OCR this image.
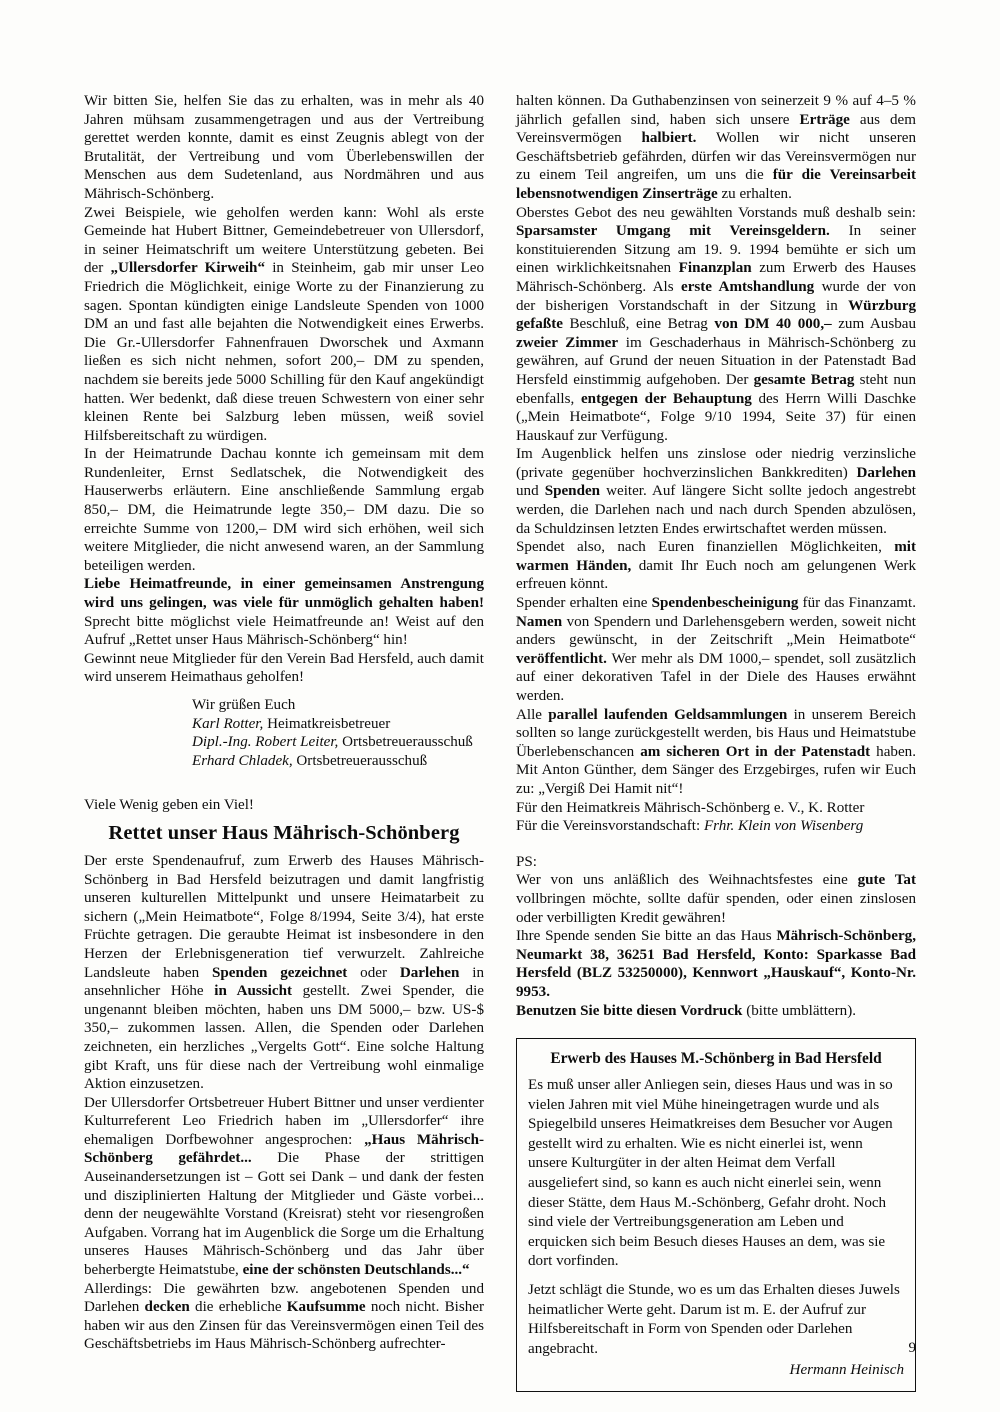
Wir bitten Sie, helfen Sie das zu erhalten, was in mehr als 40 Jahren mühsam zusammengetragen und aus der Vertreibung gerettet werden konnte, damit es einst Zeugnis ablegt von der Brutalität, der Vertreibung und vom Überlebenswillen der Menschen aus dem Sudetenland, aus Nordmähren und aus Mährisch-Schönberg.

Zwei Beispiele, wie geholfen werden kann: Wohl als erste Gemeinde hat Hubert Bittner, Gemeindebetreuer von Ullersdorf, in seiner Heimatschrift um weitere Unterstützung gebeten. Bei der „Ullersdorfer Kirweih“ in Steinheim, gab mir unser Leo Friedrich die Möglichkeit, einige Worte zu der Finanzierung zu sagen. Spontan kündigten einige Landsleute Spenden von 1000 DM an und fast alle bejahten die Notwendigkeit eines Erwerbs. Die Gr.-Ullersdorfer Fahnenfrauen Dworschek und Axmann ließen es sich nicht nehmen, sofort 200,– DM zu spenden, nachdem sie bereits jede 5000 Schilling für den Kauf angekündigt hatten. Wer bedenkt, daß diese treuen Schwestern von einer sehr kleinen Rente bei Salzburg leben müssen, weiß soviel Hilfsbereitschaft zu würdigen.

In der Heimatrunde Dachau konnte ich gemeinsam mit dem Rundenleiter, Ernst Sedlatschek, die Notwendigkeit des Hauserwerbs erläutern. Eine anschließende Sammlung ergab 850,– DM, die Heimatrunde legte 350,– DM dazu. Die so erreichte Summe von 1200,– DM wird sich erhöhen, weil sich weitere Mitglieder, die nicht anwesend waren, an der Sammlung beteiligen werden.

Liebe Heimatfreunde, in einer gemeinsamen Anstrengung wird uns gelingen, was viele für unmöglich gehalten haben! Sprecht bitte möglichst viele Heimatfreunde an! Weist auf den Aufruf „Rettet unser Haus Mährisch-Schönberg“ hin!

Gewinnt neue Mitglieder für den Verein Bad Hersfeld, auch damit wird unserem Heimathaus geholfen!

Wir grüßen Euch

Karl Rotter, Heimatkreisbetreuer

Dipl.-Ing. Robert Leiter, Ortsbetreuerausschuß

Erhard Chladek, Ortsbetreuerausschuß

Viele Wenig geben ein Viel!

Rettet unser Haus Mährisch-Schönberg

Der erste Spendenaufruf, zum Erwerb des Hauses Mährisch-Schönberg in Bad Hersfeld beizutragen und damit langfristig unseren kulturellen Mittelpunkt und unsere Heimatarbeit zu sichern („Mein Heimatbote“, Folge 8/1994, Seite 3/4), hat erste Früchte getragen. Die geraubte Heimat ist insbesondere in den Herzen der Erlebnisgeneration tief verwurzelt. Zahlreiche Landsleute haben Spenden gezeichnet oder Darlehen in ansehnlicher Höhe in Aussicht gestellt. Zwei Spender, die ungenannt bleiben möchten, haben uns DM 5000,– bzw. US-$ 350,– zukommen lassen. Allen, die Spenden oder Darlehen zeichneten, ein herzliches „Vergelts Gott“. Eine solche Haltung gibt Kraft, uns für diese nach der Vertreibung wohl einmalige Aktion einzusetzen.

Der Ullersdorfer Ortsbetreuer Hubert Bittner und unser verdienter Kulturreferent Leo Friedrich haben im „Ullersdorfer“ ihre ehemaligen Dorfbewohner angesprochen: „Haus Mährisch-Schönberg gefährdet... Die Phase der strittigen Auseinandersetzungen ist – Gott sei Dank – und dank der festen und disziplinierten Haltung der Mitglieder und Gäste vorbei... denn der neugewählte Vorstand (Kreisrat) steht vor riesengroßen Aufgaben. Vorrang hat im Augenblick die Sorge um die Erhaltung unseres Hauses Mährisch-Schönberg und das Jahr über beherbergte Heimatstube, eine der schönsten Deutschlands...“

Allerdings: Die gewährten bzw. angebotenen Spenden und Darlehen decken die erhebliche Kaufsumme noch nicht. Bisher haben wir aus den Zinsen für das Vereinsvermögen einen Teil des Geschäftsbetriebs im Haus Mährisch-Schönberg aufrechter-

halten können. Da Guthabenzinsen von seinerzeit 9 % auf 4–5 % jährlich gefallen sind, haben sich unsere Erträge aus dem Vereinsvermögen halbiert. Wollen wir nicht unseren Geschäftsbetrieb gefährden, dürfen wir das Vereinsvermögen nur zu einem Teil angreifen, um uns die für die Vereinsarbeit lebensnotwendigen Zinserträge zu erhalten.

Oberstes Gebot des neu gewählten Vorstands muß deshalb sein: Sparsamster Umgang mit Vereinsgeldern. In seiner konstituierenden Sitzung am 19. 9. 1994 bemühte er sich um einen wirklichkeitsnahen Finanzplan zum Erwerb des Hauses Mährisch-Schönberg. Als erste Amtshandlung wurde der von der bisherigen Vorstandschaft in der Sitzung in Würzburg gefaßte Beschluß, eine Betrag von DM 40 000,– zum Ausbau zweier Zimmer im Geschaderhaus in Mährisch-Schönberg zu gewähren, auf Grund der neuen Situation in der Patenstadt Bad Hersfeld einstimmig aufgehoben. Der gesamte Betrag steht nun ebenfalls, entgegen der Behauptung des Herrn Willi Daschke („Mein Heimatbote“, Folge 9/10 1994, Seite 37) für einen Hauskauf zur Verfügung.

Im Augenblick helfen uns zinslose oder niedrig verzinsliche (private gegenüber hochverzinslichen Bankkrediten) Darlehen und Spenden weiter. Auf längere Sicht sollte jedoch angestrebt werden, die Darlehen nach und nach durch Spenden abzulösen, da Schuldzinsen letzten Endes erwirtschaftet werden müssen.

Spendet also, nach Euren finanziellen Möglichkeiten, mit warmen Händen, damit Ihr Euch noch am gelungenen Werk erfreuen könnt.

Spender erhalten eine Spendenbescheinigung für das Finanzamt. Namen von Spendern und Darlehensgebern werden, soweit nicht anders gewünscht, in der Zeitschrift „Mein Heimatbote“ veröffentlicht. Wer mehr als DM 1000,– spendet, soll zusätzlich auf einer dekorativen Tafel in der Diele des Hauses erwähnt werden.

Alle parallel laufenden Geldsammlungen in unserem Bereich sollten so lange zurückgestellt werden, bis Haus und Heimatstube Überlebenschancen am sicheren Ort in der Patenstadt haben. Mit Anton Günther, dem Sänger des Erzgebirges, rufen wir Euch zu: „Vergiß Dei Hamit nit“!

Für den Heimatkreis Mährisch-Schönberg e. V., K. Rotter

Für die Vereinsvorstandschaft: Frhr. Klein von Wisenberg

PS:

Wer von uns anläßlich des Weihnachtsfestes eine gute Tat vollbringen möchte, sollte dafür spenden, oder einen zinslosen oder verbilligten Kredit gewähren!

Ihre Spende senden Sie bitte an das Haus Mährisch-Schönberg, Neumarkt 38, 36251 Bad Hersfeld, Konto: Sparkasse Bad Hersfeld (BLZ 53250000), Kennwort „Hauskauf“, Konto-Nr. 9953.

Benutzen Sie bitte diesen Vordruck (bitte umblättern).

Erwerb des Hauses M.-Schönberg in Bad Hersfeld

Es muß unser aller Anliegen sein, dieses Haus und was in so vielen Jahren mit viel Mühe hineingetragen wurde und als Spiegelbild unseres Heimatkreises dem Besucher vor Augen gestellt wird zu erhalten. Wie es nicht einerlei ist, wenn unsere Kulturgüter in der alten Heimat dem Verfall ausgeliefert sind, so kann es auch nicht einerlei sein, wenn dieser Stätte, dem Haus M.-Schönberg, Gefahr droht. Noch sind viele der Vertreibungsgeneration am Leben und erquicken sich beim Besuch dieses Hauses an dem, was sie dort vorfinden.

Jetzt schlägt die Stunde, wo es um das Erhalten dieses Juwels heimatlicher Werte geht. Darum ist m. E. der Aufruf zur Hilfsbereitschaft in Form von Spenden oder Darlehen angebracht.

Hermann Heinisch

9
